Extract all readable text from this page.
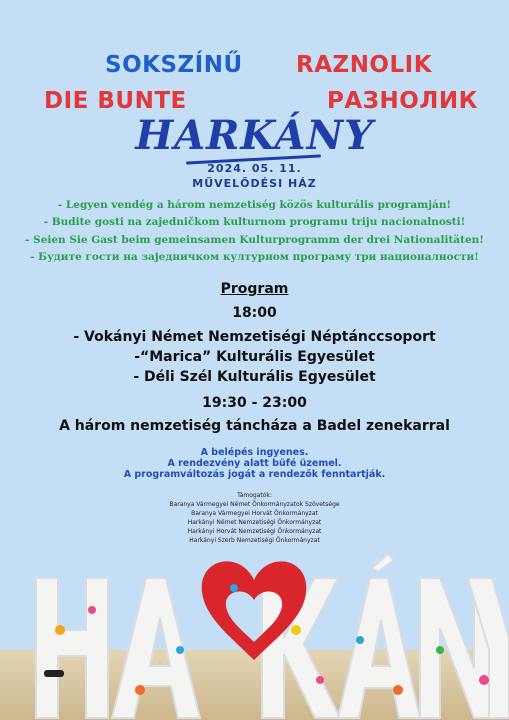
SOKSZÍNŰ RAZNOLIK
DIE BUNTE	РАЗНОЛИК
HARKÁNY
2024. 05. 11.
MŰVELŐDÉSI HÁZ
- Legyen vendég a három nemzetiség közös kulturális programján!
- Budite gosti na zajedničkom kulturnom programu triju nacionalnosti!
- Seien Sie Gast beim gemeinsamen Kulturprogramm der drei Nationalitäten!
- Будите гости на заједничком културном програму три националности!
Program
18:00
- Vokányi Német Nemzetiségi Néptánccsoport
-“Marica” Kulturális Egyesület
- Déli Szél Kulturális Egyesület
19:30 - 23:00
A három nemzetiség táncháza a Badel zenekarral
A belépés ingyenes.
A rendezvény alatt büfé üzemel.
A programváltozás jogát a rendezők fenntartják.
Támogatók:
Baranya Vármegyei Német Önkormányzatok Szövetsége
Baranya Vármegyei Horvát Önkormányzat
Harkányi Német Nemzetiségi Önkormányzat
Harkányi Horvát Nemzetiségi Önkormányzat
Harkányi Szerb Nemzetiségi Önkormányzat
